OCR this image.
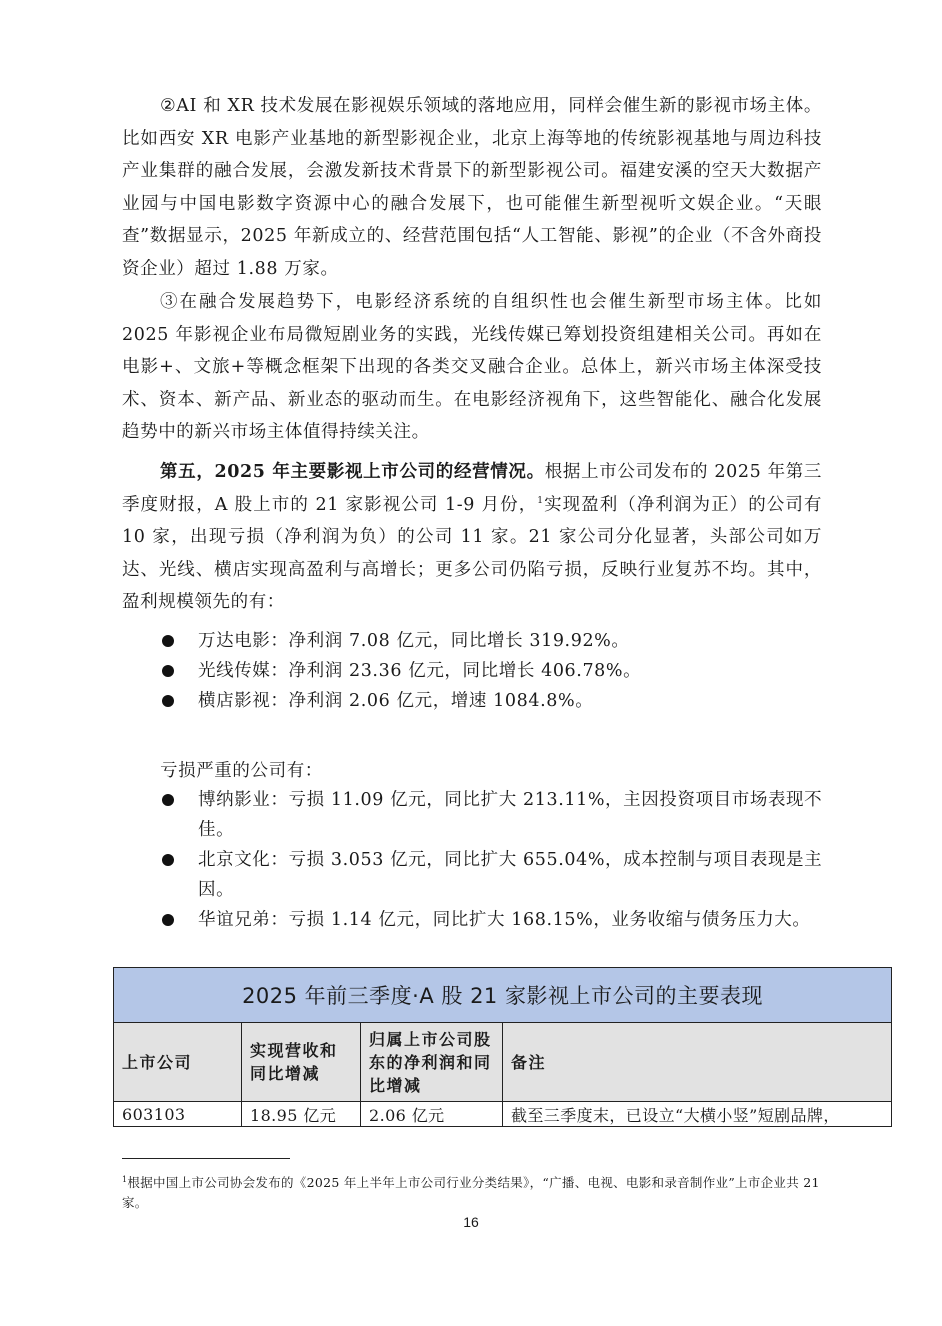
②AI 和 XR 技术发展在影视娱乐领域的落地应用，同样会催生新的影视市场主体。比如西安 XR 电影产业基地的新型影视企业，北京上海等地的传统影视基地与周边科技产业集群的融合发展，会激发新技术背景下的新型影视公司。福建安溪的空天大数据产业园与中国电影数字资源中心的融合发展下，也可能催生新型视听文娱企业。“天眼查”数据显示，2025 年新成立的、经营范围包括“人工智能、影视”的企业（不含外商投资企业）超过 1.88 万家。

③在融合发展趋势下，电影经济系统的自组织性也会催生新型市场主体。比如 2025 年影视企业布局微短剧业务的实践，光线传媒已筹划投资组建相关公司。再如在电影+、文旅+等概念框架下出现的各类交叉融合企业。总体上，新兴市场主体深受技术、资本、新产品、新业态的驱动而生。在电影经济视角下，这些智能化、融合化发展趋势中的新兴市场主体值得持续关注。

第五，2025 年主要影视上市公司的经营情况。根据上市公司发布的 2025 年第三季度财报，A 股上市的 21 家影视公司 1-9 月份，$^1$实现盈利（净利润为正）的公司有 10 家，出现亏损（净利润为负）的公司 11 家。21 家公司分化显著，头部公司如万达、光线、横店实现高盈利与高增长；更多公司仍陷亏损，反映行业复苏不均。其中，盈利规模领先的有：

万达电影：净利润 7.08 亿元，同比增长 319.92%。
光线传媒：净利润 23.36 亿元，同比增长 406.78%。
横店影视：净利润 2.06 亿元，增速 1084.8%。

亏损严重的公司有：

博纳影业：亏损 11.09 亿元，同比扩大 213.11%，主因投资项目市场表现不佳。
北京文化：亏损 3.053 亿元，同比扩大 655.04%，成本控制与项目表现是主因。
华谊兄弟：亏损 1.14 亿元，同比扩大 168.15%，业务收缩与债务压力大。
2025 年前三季度·A 股 21 家影视上市公司的主要表现			
上市公司	实现营收和同比增减	归属上市公司股东的净利润和同比增减	备注
603103	18.95 亿元	2.06 亿元	截至三季度末，已设立“大横小竖”短剧品牌，

$^1$根据中国上市公司协会发布的《2025 年上半年上市公司行业分类结果》，“广播、电视、电影和录音制作业”上市企业共 21 家。

16
